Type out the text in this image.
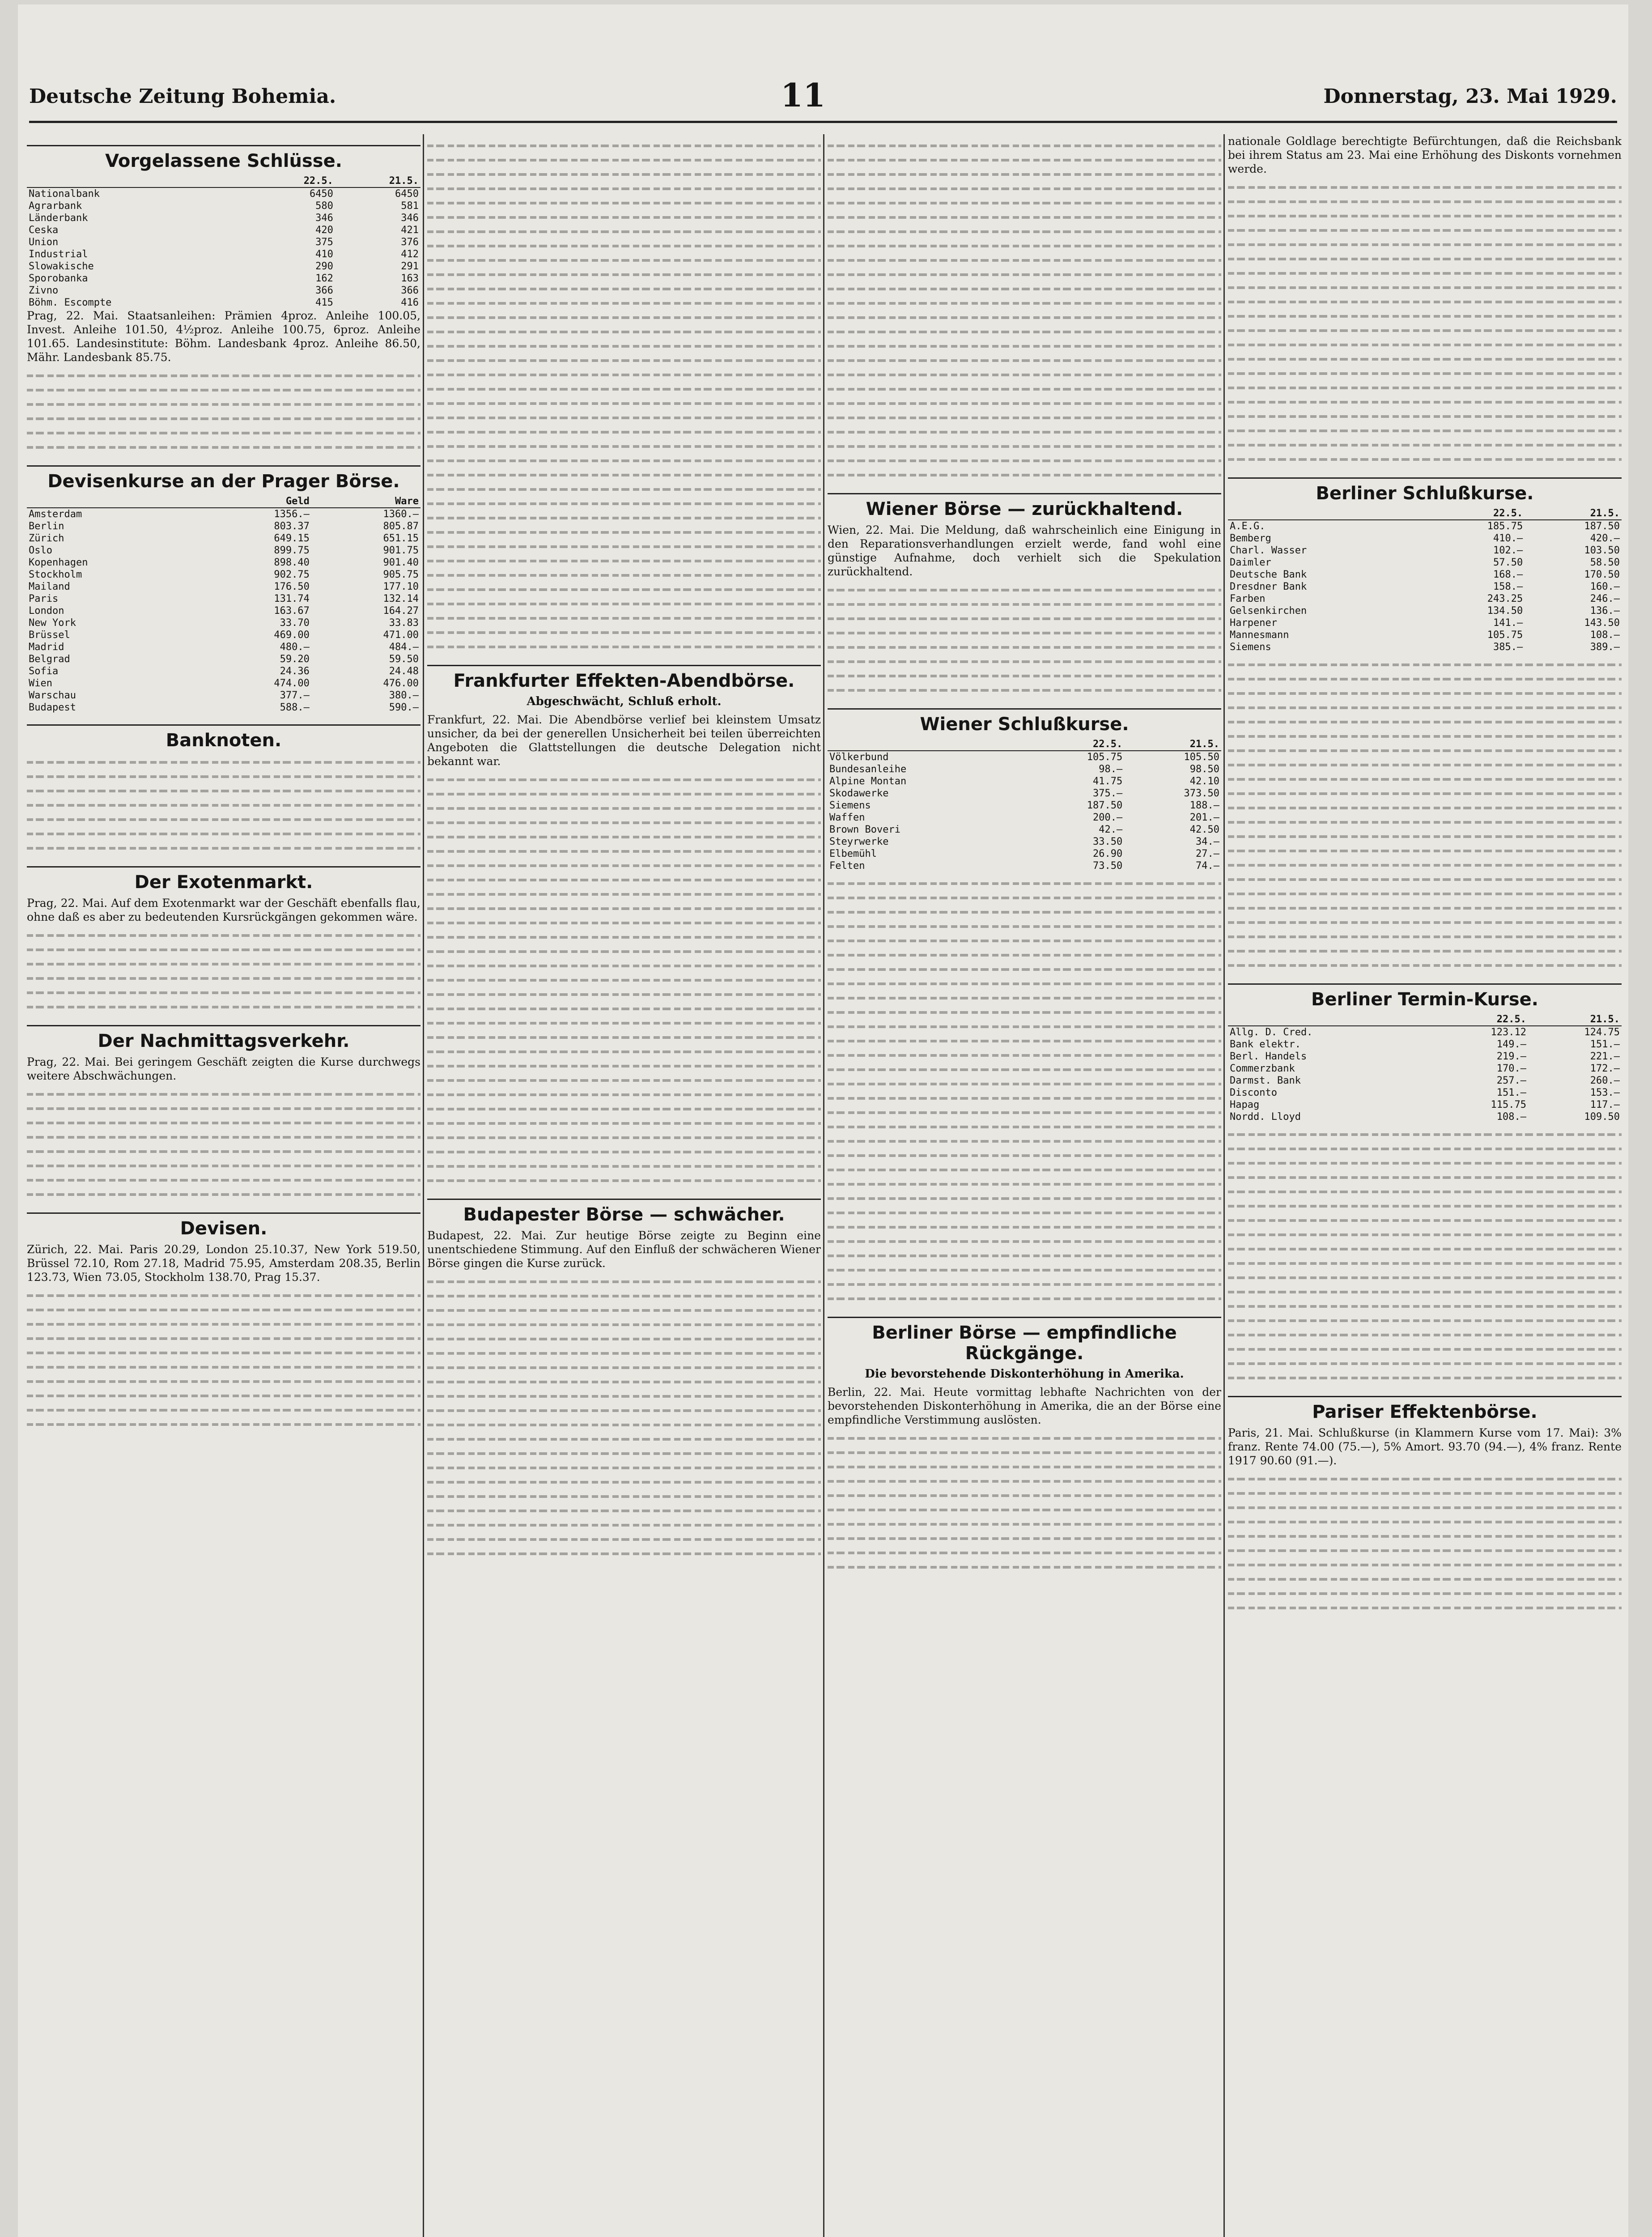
Deutsche Zeitung Bohemia.	11	Donnerstag, 23. Mai 1929.
Vorgelassene Schlüsse.
	22.5.	21.5.
Nationalbank	6450	6450
Agrarbank	580	581
Länderbank	346	346
Ceska	420	421
Union	375	376
Industrial	410	412
Slowakische	290	291
Sporobanka	162	163
Zivno	366	366
Böhm. Escompte	415	416

Prag, 22. Mai. Staatsanleihen: Prämien 4proz. Anleihe 100.05, Invest. Anleihe 101.50, 4½proz. Anleihe 100.75, 6proz. Anleihe 101.65. Landesinstitute: Böhm. Landesbank 4proz. Anleihe 86.50, Mähr. Landesbank 85.75.

Devisenkurse an der Prager Börse.
	Geld	Ware
Amsterdam	1356.—	1360.—
Berlin	803.37	805.87
Zürich	649.15	651.15
Oslo	899.75	901.75
Kopenhagen	898.40	901.40
Stockholm	902.75	905.75
Mailand	176.50	177.10
Paris	131.74	132.14
London	163.67	164.27
New York	33.70	33.83
Brüssel	469.00	471.00
Madrid	480.—	484.—
Belgrad	59.20	59.50
Sofia	24.36	24.48
Wien	474.00	476.00
Warschau	377.—	380.—
Budapest	588.—	590.—
Banknoten.
Der Exotenmarkt.

Prag, 22. Mai. Auf dem Exotenmarkt war der Geschäft ebenfalls flau, ohne daß es aber zu bedeutenden Kursrückgängen gekommen wäre.

Der Nachmittagsverkehr.

Prag, 22. Mai. Bei geringem Geschäft zeigten die Kurse durchwegs weitere Abschwächungen.

Devisen.

Zürich, 22. Mai. Paris 20.29, London 25.10.37, New York 519.50, Brüssel 72.10, Rom 27.18, Madrid 75.95, Amsterdam 208.35, Berlin 123.73, Wien 73.05, Stockholm 138.70, Prag 15.37.

Frankfurter Effekten-Abendbörse.
Abgeschwächt, Schluß erholt.

Frankfurt, 22. Mai. Die Abendbörse verlief bei kleinstem Umsatz unsicher, da bei der generellen Unsicherheit bei teilen überreichten Angeboten die Glattstellungen die deutsche Delegation nicht bekannt war.

Budapester Börse — schwächer.

Budapest, 22. Mai. Zur heutige Börse zeigte zu Beginn eine unentschiedene Stimmung. Auf den Einfluß der schwächeren Wiener Börse gingen die Kurse zurück.

Wiener Börse — zurückhaltend.

Wien, 22. Mai. Die Meldung, daß wahrscheinlich eine Einigung in den Reparationsverhandlungen erzielt werde, fand wohl eine günstige Aufnahme, doch verhielt sich die Spekulation zurückhaltend.

Wiener Schlußkurse.
	22.5.	21.5.
Völkerbund	105.75	105.50
Bundesanleihe	98.—	98.50
Alpine Montan	41.75	42.10
Skodawerke	375.—	373.50
Siemens	187.50	188.—
Waffen	200.—	201.—
Brown Boveri	42.—	42.50
Steyrwerke	33.50	34.—
Elbemühl	26.90	27.—
Felten	73.50	74.—
Berliner Börse — empfindliche Rückgänge.
Die bevorstehende Diskonterhöhung in Amerika.

Berlin, 22. Mai. Heute vormittag lebhafte Nachrichten von der bevorstehenden Diskonterhöhung in Amerika, die an der Börse eine empfindliche Verstimmung auslösten.

nationale Goldlage berechtigte Befürchtungen, daß die Reichsbank bei ihrem Status am 23. Mai eine Erhöhung des Diskonts vornehmen werde.

Berliner Schlußkurse.
	22.5.	21.5.
A.E.G.	185.75	187.50
Bemberg	410.—	420.—
Charl. Wasser	102.—	103.50
Daimler	57.50	58.50
Deutsche Bank	168.—	170.50
Dresdner Bank	158.—	160.—
Farben	243.25	246.—
Gelsenkirchen	134.50	136.—
Harpener	141.—	143.50
Mannesmann	105.75	108.—
Siemens	385.—	389.—
Berliner Termin-Kurse.
	22.5.	21.5.
Allg. D. Cred.	123.12	124.75
Bank elektr.	149.—	151.—
Berl. Handels	219.—	221.—
Commerzbank	170.—	172.—
Darmst. Bank	257.—	260.—
Disconto	151.—	153.—
Hapag	115.75	117.—
Nordd. Lloyd	108.—	109.50
Pariser Effektenbörse.

Paris, 21. Mai. Schlußkurse (in Klammern Kurse vom 17. Mai): 3% franz. Rente 74.00 (75.—), 5% Amort. 93.70 (94.—), 4% franz. Rente 1917 90.60 (91.—).
